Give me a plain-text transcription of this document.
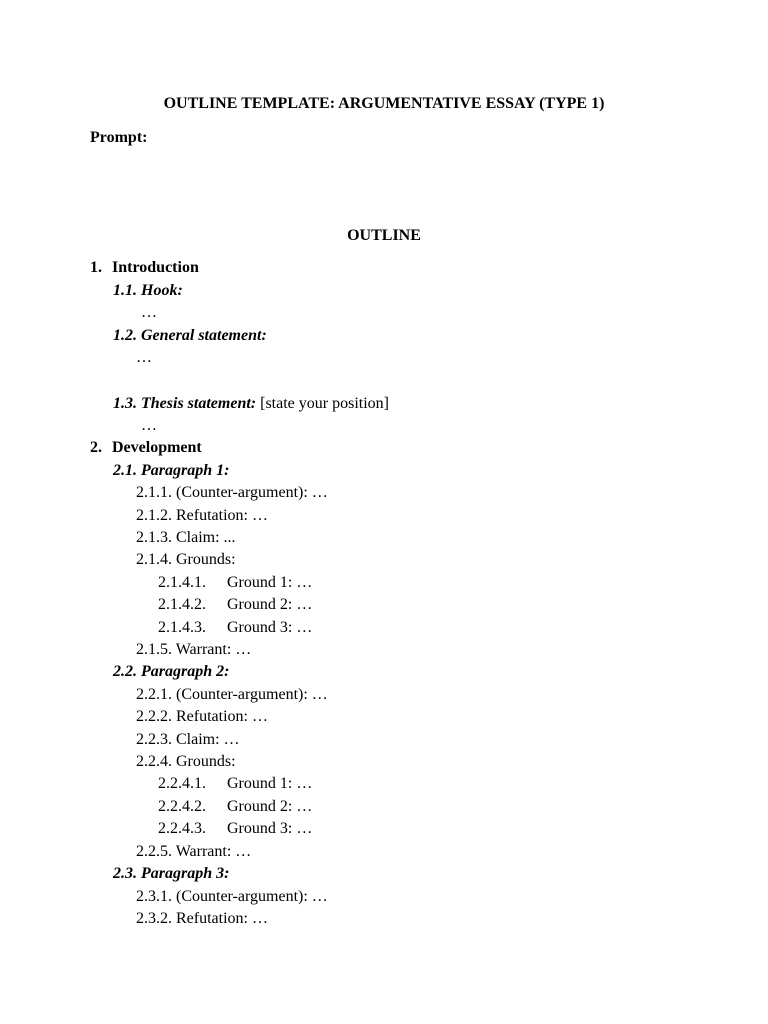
OUTLINE TEMPLATE: ARGUMENTATIVE ESSAY (TYPE 1)
Prompt:
OUTLINE
1. Introduction
1.1. Hook:
…
1.2. General statement:
…
1.3. Thesis statement: [state your position]
…
2. Development
2.1. Paragraph 1:
2.1.1. (Counter-argument): …
2.1.2. Refutation: …
2.1.3. Claim: ...
2.1.4. Grounds:
2.1.4.1. Ground 1: …
2.1.4.2. Ground 2: …
2.1.4.3. Ground 3: …
2.1.5. Warrant: …
2.2. Paragraph 2:
2.2.1. (Counter-argument): …
2.2.2. Refutation: …
2.2.3. Claim: …
2.2.4. Grounds:
2.2.4.1. Ground 1: …
2.2.4.2. Ground 2: …
2.2.4.3. Ground 3: …
2.2.5. Warrant: …
2.3. Paragraph 3:
2.3.1. (Counter-argument): …
2.3.2. Refutation: …
